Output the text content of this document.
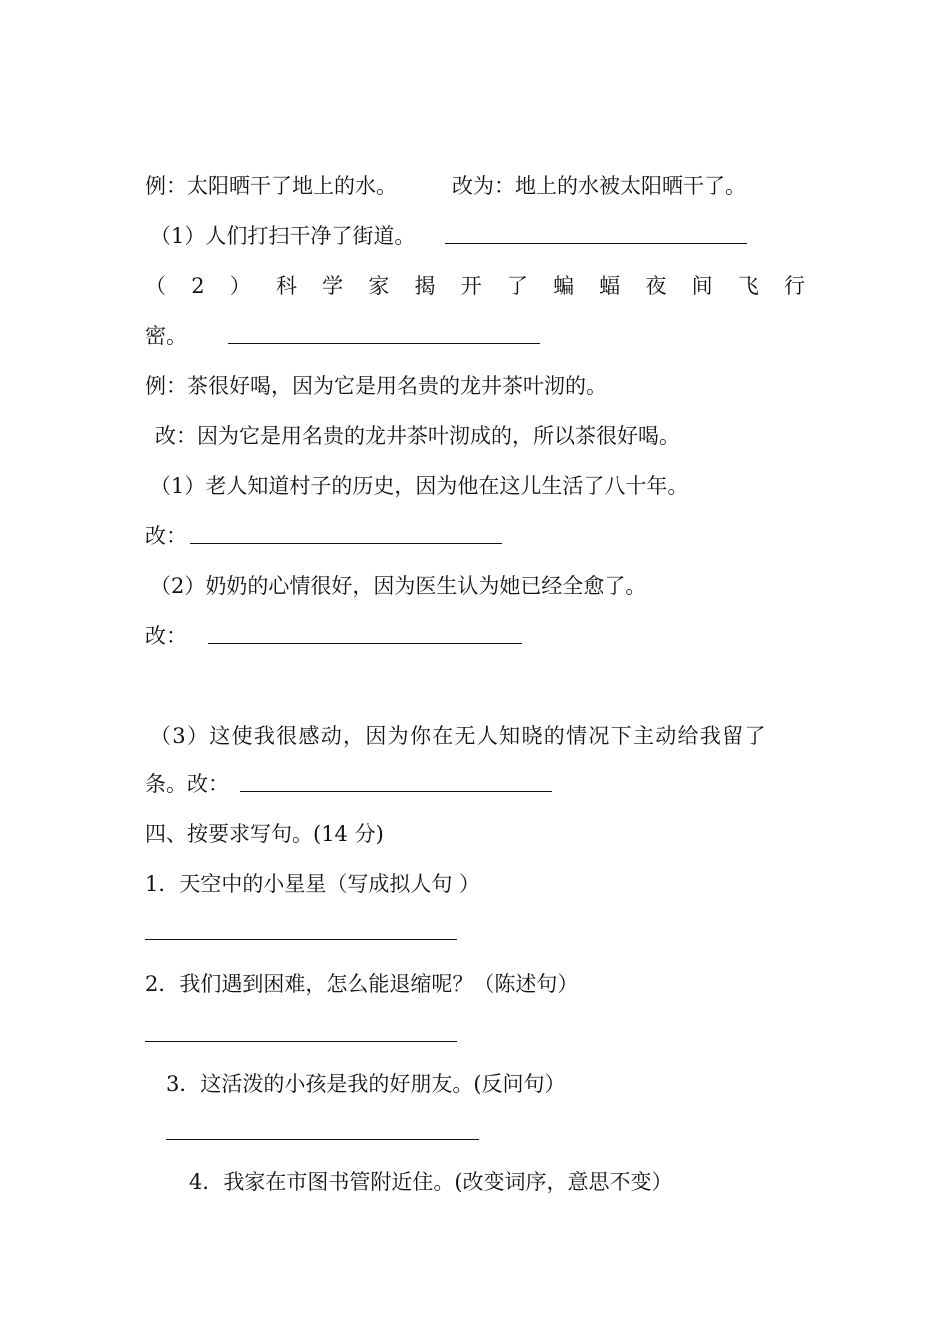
例：太阳晒干了地上的水。	改为：地上的水被太阳晒干了。
（1）人们打扫干净了街道。
（ 2 ） 科 学 家 揭 开 了 蝙 蝠 夜 间 飞 行
密。
例：茶很好喝，因为它是用名贵的龙井茶叶沏的。
改：因为它是用名贵的龙井茶叶沏成的，所以茶很好喝。
（1）老人知道村子的历史，因为他在这儿生活了八十年。
改：
（2）奶奶的心情很好，因为医生认为她已经全愈了。
改：
（3）这使我很感动，因为你在无人知晓的情况下主动给我留了
条。改：
四、按要求写句。(14 分)
1．天空中的小星星（写成拟人句 ）
2．我们遇到困难，怎么能退缩呢？（陈述句）
3．这活泼的小孩是我的好朋友。(反问句）
4．我家在市图书管附近住。(改变词序，意思不变）
